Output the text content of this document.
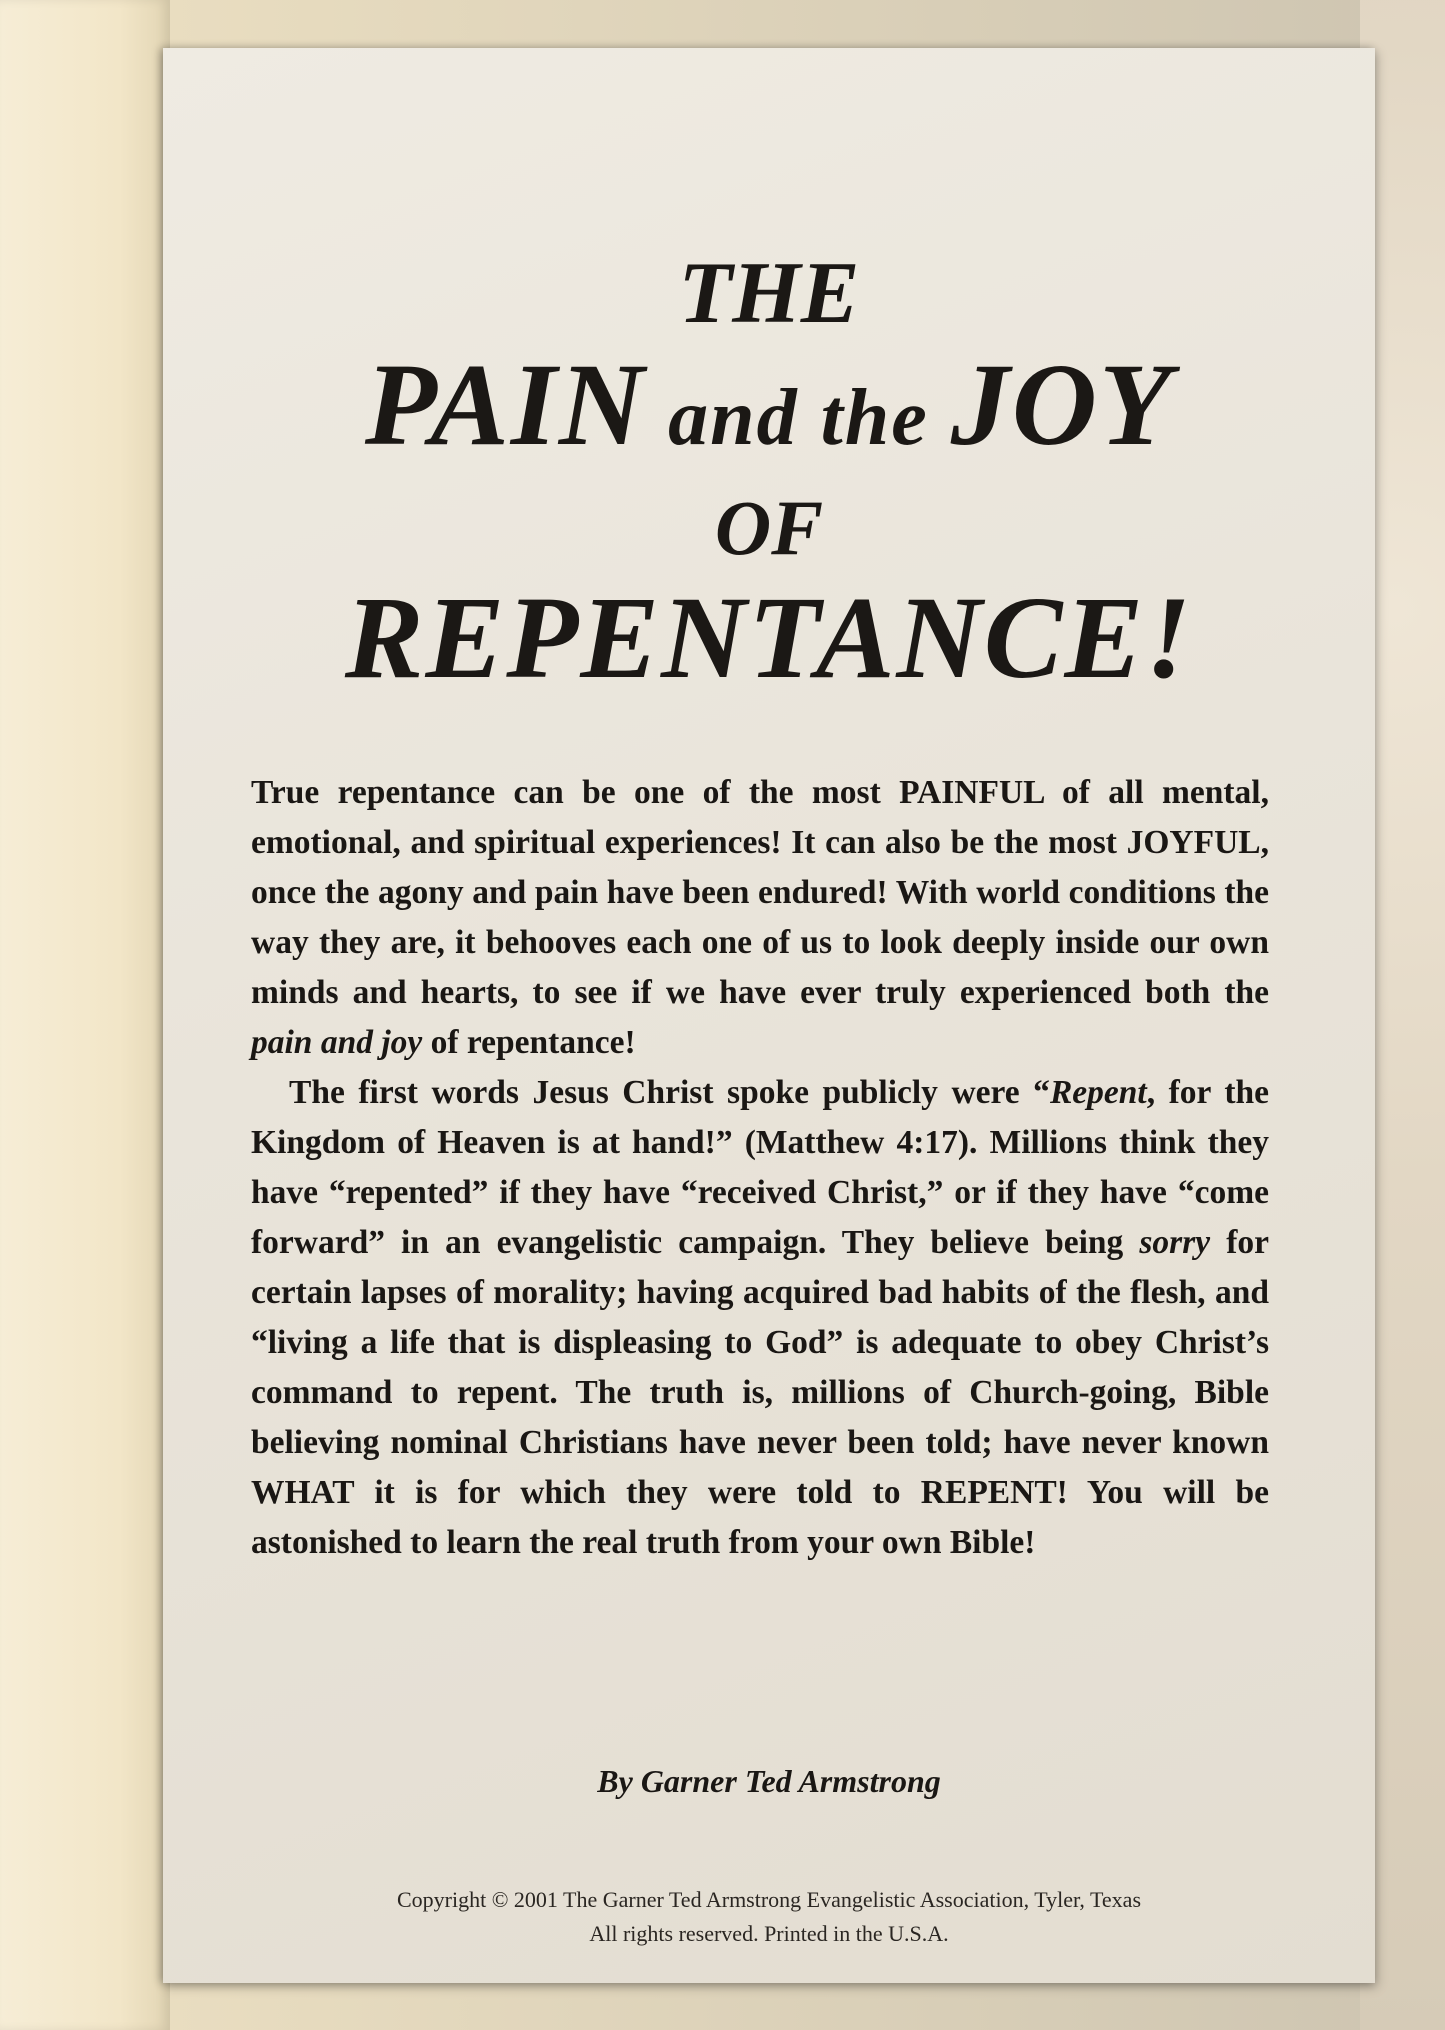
THE
PAIN and the JOY
OF
REPENTANCE!

True repentance can be one of the most PAINFUL of all mental, emotional, and spiritual experiences! It can also be the most JOYFUL, once the agony and pain have been endured! With world conditions the way they are, it behooves each one of us to look deeply inside our own minds and hearts, to see if we have ever truly experienced both the pain and joy of repentance!

The first words Jesus Christ spoke publicly were “Repent, for the Kingdom of Heaven is at hand!” (Matthew 4:17). Millions think they have “repented” if they have “received Christ,” or if they have “come forward” in an evangelistic campaign. They believe being sorry for certain lapses of morality; having acquired bad habits of the flesh, and “living a life that is displeasing to God” is adequate to obey Christ’s command to repent. The truth is, millions of Church-going, Bible believing nominal Christians have never been told; have never known WHAT it is for which they were told to REPENT! You will be astonished to learn the real truth from your own Bible!

By Garner Ted Armstrong
Copyright © 2001 The Garner Ted Armstrong Evangelistic Association, Tyler, Texas
All rights reserved. Printed in the U.S.A.
